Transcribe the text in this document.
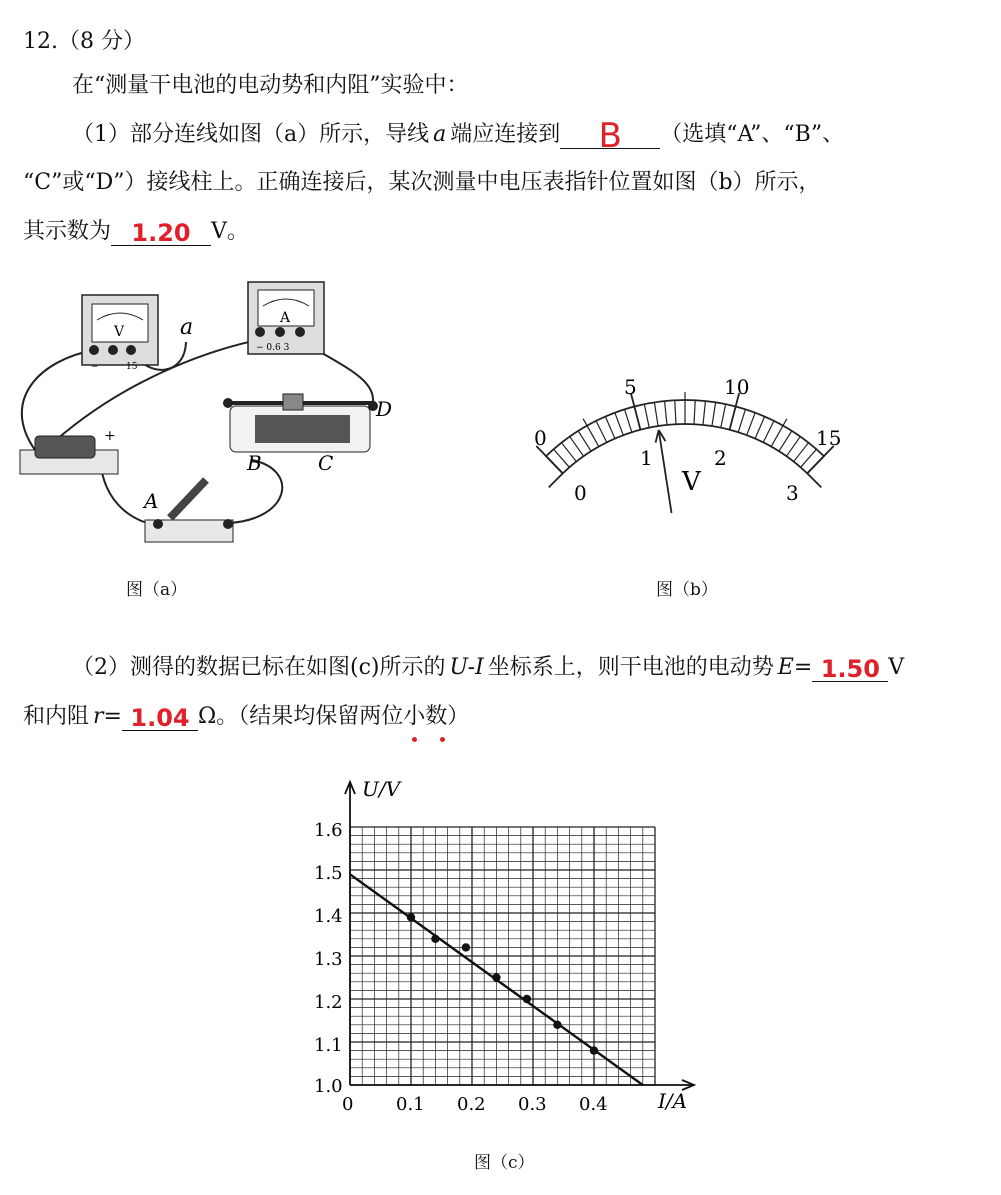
12.（8 分）
在“测量干电池的电动势和内阻”实验中：
（1）部分连线如图（a）所示，导线 a 端应连接到	B	（选填“A”、“B”、
“C”或“D”）接线柱上。正确连接后，某次测量中电压表指针位置如图（b）所示，
其示数为 1.20 V。
（2）测得的数据已标在如图(c)所示的 U-I 坐标系上，则干电池的电动势 E= 1.50 V
和内阻 r= 1.04 Ω。（结果均保留两位小数）
V
−	15
a	A
− 0.6 3
+
B	C
D
A
图（a）
0
5	10
15
0
1	2
3
V
图（b）
U/V
I/A
1.6
1.5
1.4
1.3
1.2
1.1
1.0
0 0.1 0.2 0.3 0.4
图（c）
